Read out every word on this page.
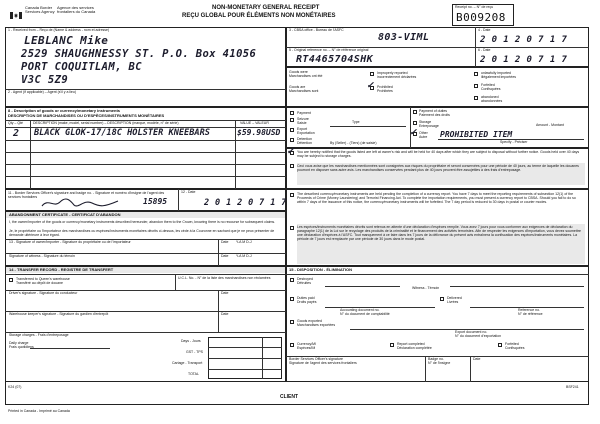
Canada Border
Services Agency
Agence des services
frontaliers du Canada
NON-MONETARY GENERAL RECEIPT
REÇU GLOBAL POUR ÉLÉMENTS NON MONÉTAIRES
Receipt no. – N° de reçu
B009208
1 - Received from – Reçu de (Name & address - nom et adresse)
LEBLANC Mike
2529 SHAUGHNESSY ST. P.O. Box 41056
PORT COQUITLAM, BC
V3C 5Z9
2 - Agent (if applicable) – Agent (s'il y a lieu)
3 - CBSA office - Bureau de l'ASFC
803-VIML
4 - Date
2 0 1 2 0 7 1 7
5 - Original reference no. – N° de référence original
RT4465704SHK
6 - Date
2 0 1 2 0 7 1 7
Goods were
Marchandises ont été
Goods are
Marchandises sont
Improperly reported
incorrectement déclarées
✓ Prohibited
Prohibées
unlawfully imported
illégalement importées
Forfeited
Confisquées
abandoned
abandonnées
8 - Description of goods or currency/monetary instruments
DESCRIPTION DE MARCHANDISES OU D'ESPÈCES/INSTRUMENTS MONÉTAIRES
Qty – Qté	DESCRIPTION (make, model, serial number) – DESCRIPTION (marque, modèle, n° de série)	VALUE – VALEUR
2 BLACK GLOK-17/18C HOLSTER KNEEBARS	$59.98USD
Payment
Type
Seizure
Saisie
Export
Exportation
Detention
Détention	By (Seller) - (Tiers) (de saisie)
Payment of duties
Paiement des droits
Storage
Entreposage
✓ Other
Autre PROHIBITED ITEM
Amount - Montant
Specify - Préciser
✓ You are hereby notified that the goods listed are left at owner's risk and will be held for 40 days after which they are subject to disposal without further notice. Goods held over 40 days may be subject to storage charges.
Ceci vous avise que les marchandises mentionnées sont consignées aux risques du propriétaire et seront conservées pour une période de 40 jours, au terme de laquelle les douanes pourront en disposer sans autre avis. Les marchandises conservées pendant plus de 40 jours peuvent être assujetties à des frais d'entreposage.
11 - Border Services Officer's signature and badge no. - Signature et numéro d'insigne de l'agent des services frontaliers	15895
12 - Date
2 0 1 2 0 7 1 7
The described currency/monetary instruments are held pending the completion of a currency report. You have 7 days to meet the reporting requirements of subsection 12(1) of the Proceeds of Crime (Money Laundering) and Terrorist Financing Act. To complete the importation requirements, you must present a currency report to CBSA. Should you fail to do so within 7 days of the issuance of this notice, the currency/monetary instruments will be forfeited. The 7 day period is reduced to 30 days in postal or courier modes.
Les espèces/instruments monétaires décrits sont retenus en attente d'une déclaration d'espèces remplie. Vous avez 7 jours pour vous conformer aux exigences de déclaration du paragraphe 12(1) de la Loi sur le recyclage des produits de la criminalité et le financement des activités terroristes. Afin de respecter les exigences d'importation, vous devez soumettre une déclaration d'espèces à l'ASFC. Tout manquement à ce faire dans les 7 jours de la délivrance du présent avis entraînera la confiscation des espèces/instruments monétaires. La période de 7 jours est remplacée par une période de 30 jours dans le mode postal.
ABANDONMENT CERTIFICATE - CERTIFICAT D'ABANDON
I, the owner/importer of the goods or currency/monetary instruments described hereunder, abandon them to the Crown, knowing there is no recourse for subsequent claims.
Je, le propriétaire ou l'importateur des marchandises ou espèces/instruments monétaires décrits ci-dessus, les cède à la Couronne en sachant que je ne peux présenter de demande ultérieure à leur égard.
13 - Signature of owner/importer - Signature du propriétaire ou de l'importateur	Date Y-A M D-J
Signature of witness - Signature du témoin	Date Y-A M D-J
14 - TRANSFER RECORD - REGISTRE DE TRANSFERT
Transferred to Queen's warehouse
Transféré au dépôt de douane
U.C.L. No. - N° de la liste des marchandises non réclamées
Driver's signature - Signature du conducteur	Date
Warehouse keeper's signature - Signature du gardien d'entrepôt	Date
Storage charges - Frais d'entreposage
Daily charge
Frais quotidiens
Days - Jours
GST - TPS
Cartage - Transport
TOTAL
15 - DISPOSITION - ÉLIMINATION
Destroyed
Détruites
Witness - Témoin
Duties paid
Droits payés
Delivered
Livrées
Accounting document no.
N° du document de comptabilité
Reference no.
N° de référence
Goods exported
Marchandises exportées
Export document no.
N° du document d'exportation
Currency/MI
Espèces/IM
Report completed
Déclaration complétée
Forfeited
Confisquées
Border Services Officer's signature
Signature de l'agent des services frontaliers
Badge no.
N° de l'insigne
Date
K24 (07)
Printed in Canada - Imprimé au Canada
CLIENT
BSF241
